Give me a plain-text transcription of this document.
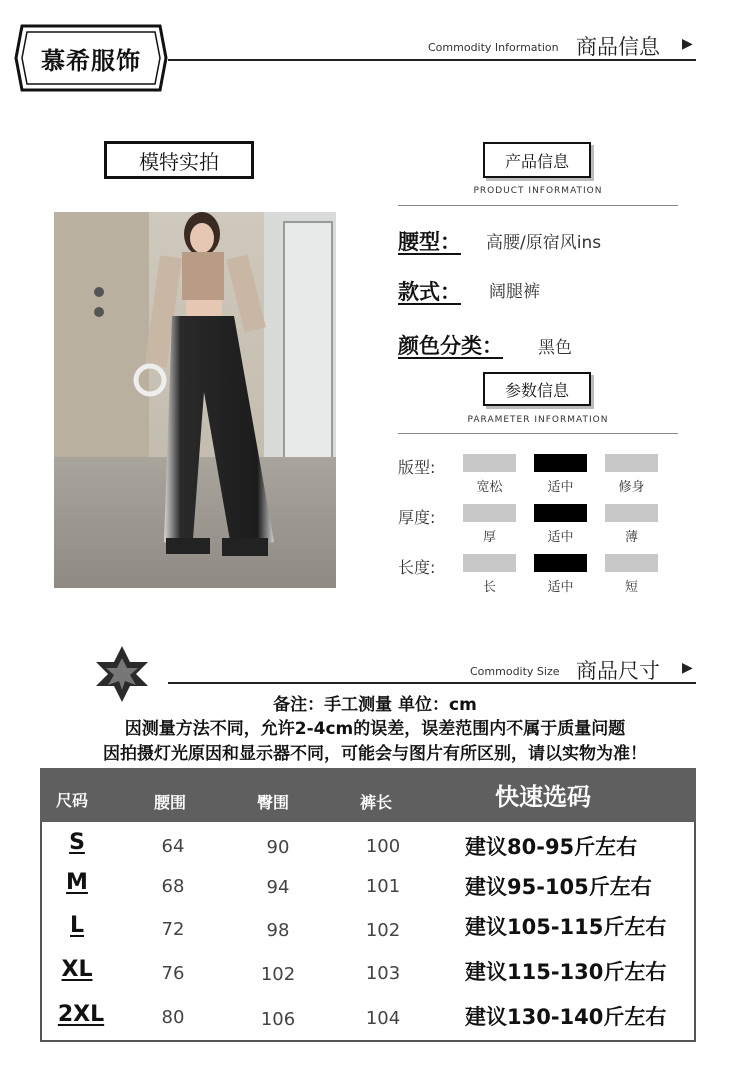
慕希服饰	Commodity Information 商品信息 ▶
模特实拍	产品信息
PRODUCT INFORMATION
腰型： 高腰/原宿风ins
款式： 阔腿裤
颜色分类： 黑色
参数信息
PARAMETER INFORMATION
版型:
宽松	适中	修身
厚度:
厚	适中	薄
长度:
长	适中	短
Commodity Size 商品尺寸 ▶
备注：手工测量 单位：cm
因测量方法不同，允许2-4cm的误差，误差范围内不属于质量问题
因拍摄灯光原因和显示器不同，可能会与图片有所区别，请以实物为准！
尺码	腰围	臀围	裤长	快速选码
S	64	90	100	建议80-95斤左右
M	68	94	101	建议95-105斤左右
L	72	98	102	建议105-115斤左右
XL	76	102	103	建议115-130斤左右
2XL	80	106	104	建议130-140斤左右
